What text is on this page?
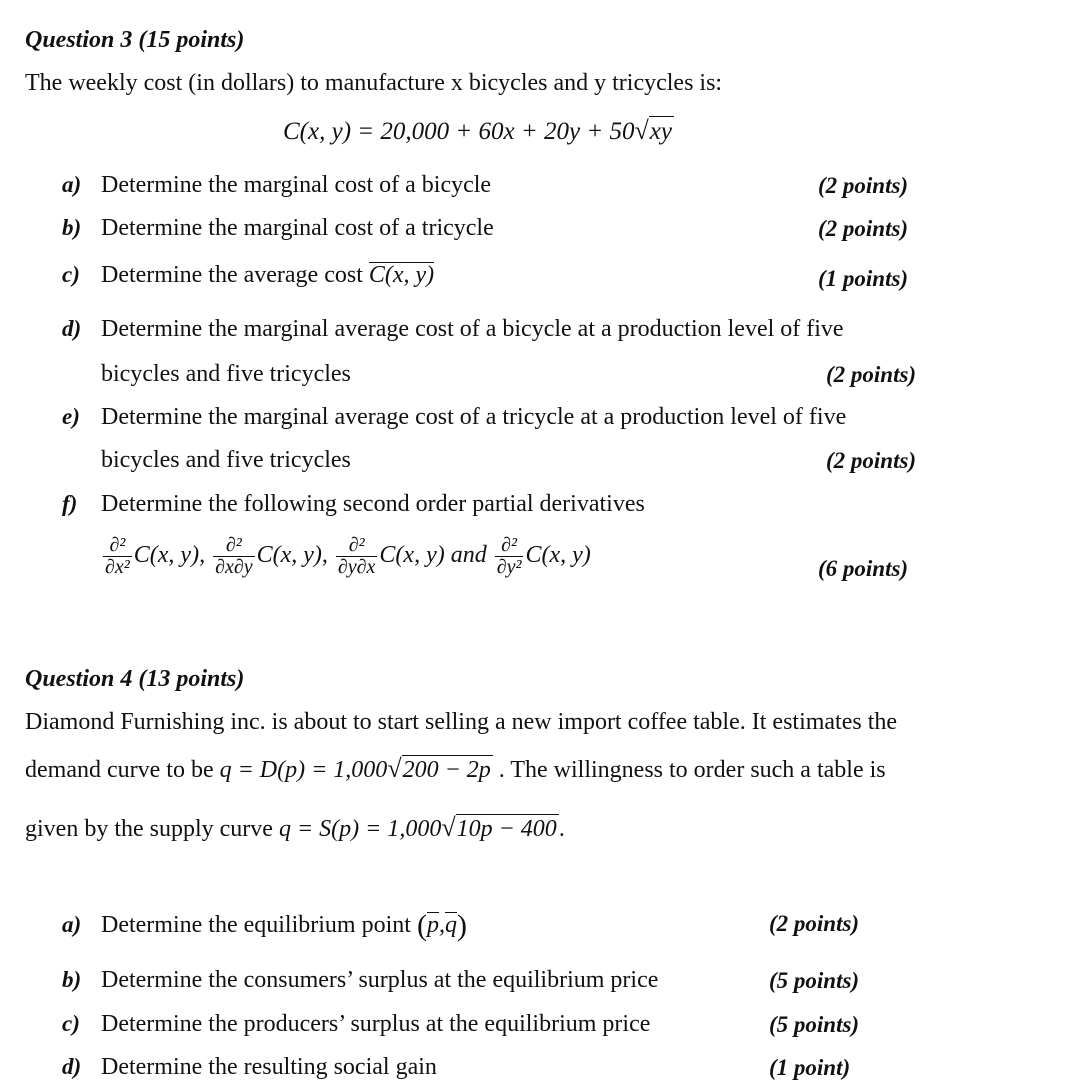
Question 3 (15 points)
The weekly cost (in dollars) to manufacture x bicycles and y tricycles is:
C(x, y) = 20,000 + 60x + 20y + 50√xy
a) Determine the marginal cost of a bicycle	(2 points)
b) Determine the marginal cost of a tricycle	(2 points)
c) Determine the average cost C(x, y)	(1 points)
d) Determine the marginal average cost of a bicycle at a production level of five
bicycles and five tricycles	(2 points)
e) Determine the marginal average cost of a tricycle at a production level of five
bicycles and five tricycles	(2 points)
f) Determine the following second order partial derivatives
$\frac{\text{∂²}}{\text{∂x²}} C(x$, y), $\frac{\text{∂²}}{\partial x\partial y} C(x$, y), $\frac{\text{∂²}}{\partial y\partial x} C(x$, y) and $\frac{\text{∂²}}{\text{∂y²}} C(x$, y)
(6 points)
Question 4 (13 points)
Diamond Furnishing inc. is about to start selling a new import coffee table. It estimates the
demand curve to be q = D(p) = 1,000√200 − 2p . The willingness to order such a table is
given by the supply curve q = S(p) = 1,000√10p − 400.
a) Determine the equilibrium point (p,q)	(2 points)
b) Determine the consumers’ surplus at the equilibrium price	(5 points)
c) Determine the producers’ surplus at the equilibrium price	(5 points)
d) Determine the resulting social gain	(1 point)
